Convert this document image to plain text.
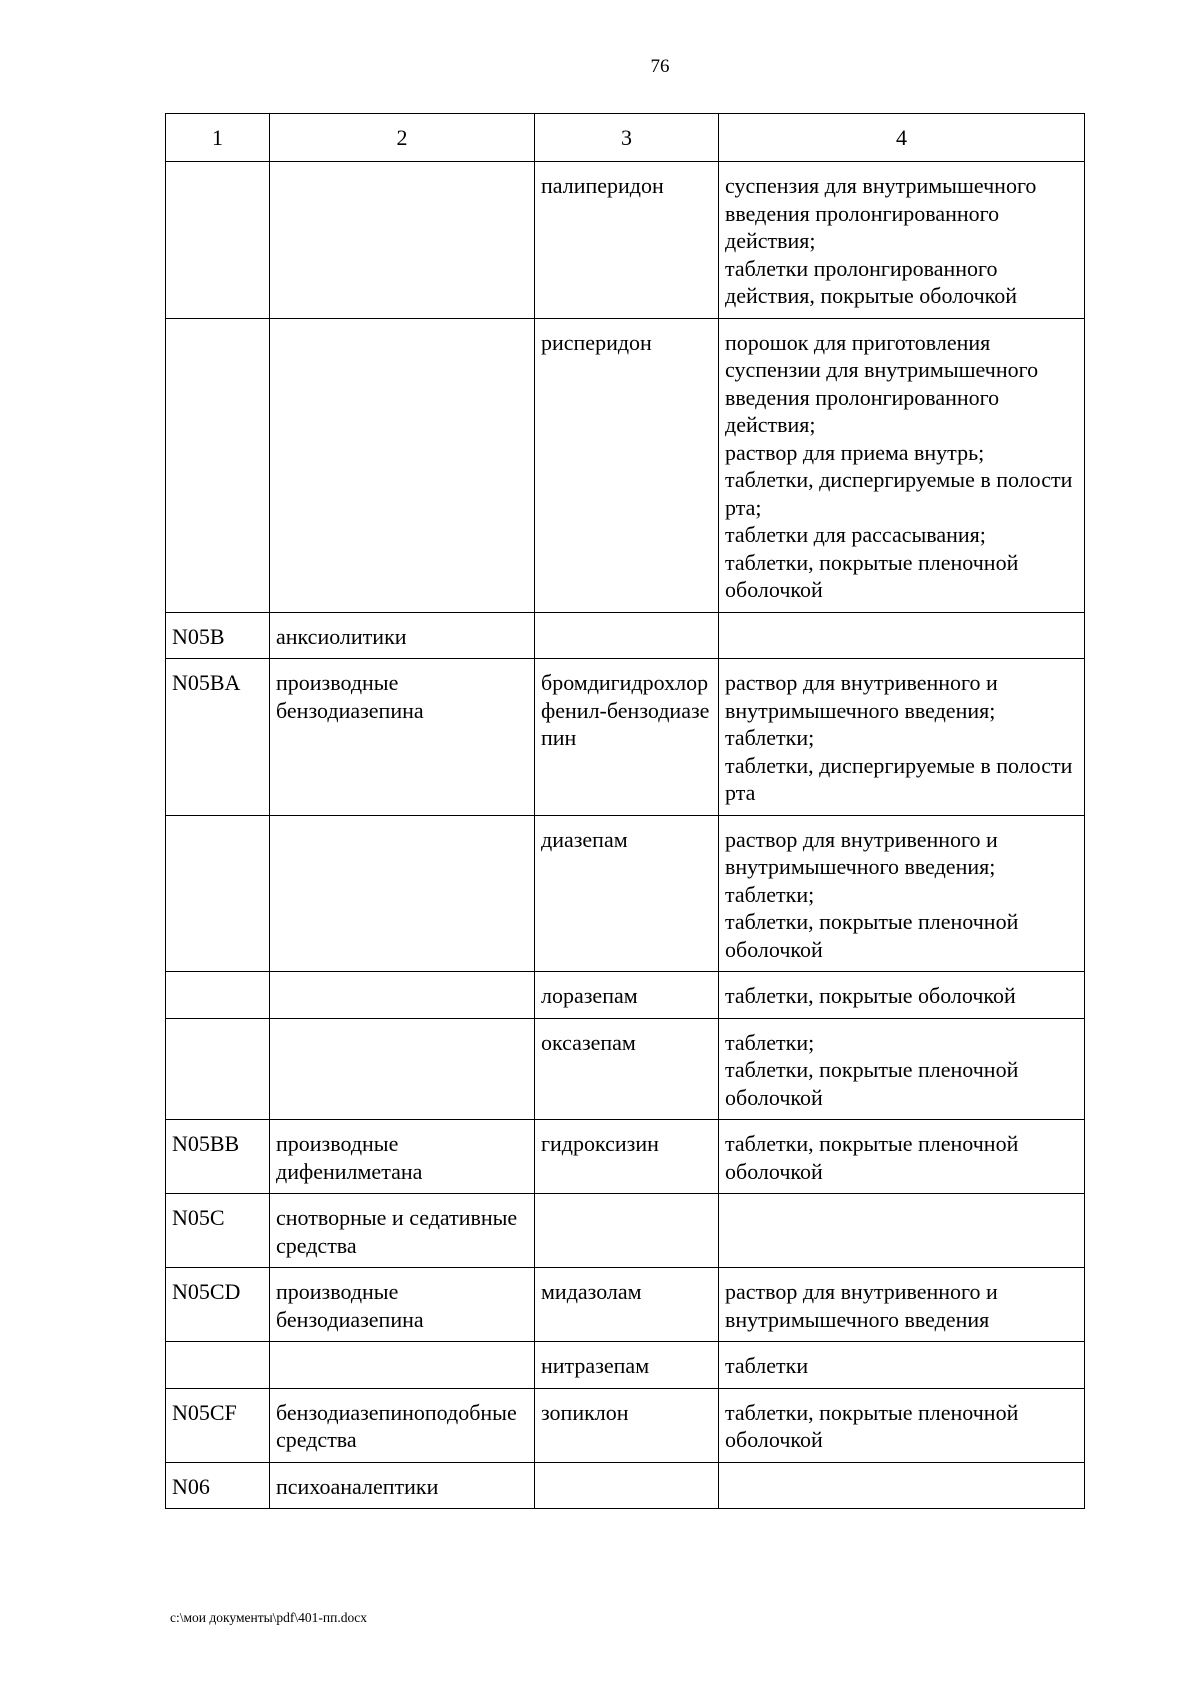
76
1	2	3	4
		палиперидон	суспензия для внутримышечного введения пролонгированного действия;
таблетки пролонгированного действия, покрытые оболочкой

		рисперидон	порошок для приготовления суспензии для внутримышечного введения пролонгированного действия;
раствор для приема внутрь;
таблетки, диспергируемые в полости рта;
таблетки для рассасывания;
таблетки, покрытые пленочной оболочкой

N05B	анксиолитики		
N05BA	производные бензодиазепина	бромдигидрохлорфенил-бензодиазепин	раствор для внутривенного и внутримышечного введения;
таблетки;
таблетки, диспергируемые в полости рта

		диазепам	раствор для внутривенного и внутримышечного введения;
таблетки;
таблетки, покрытые пленочной оболочкой

		лоразепам	таблетки, покрытые оболочкой

		оксазепам	таблетки;
таблетки, покрытые пленочной оболочкой

N05BB	производные дифенилметана	гидроксизин	таблетки, покрытые пленочной оболочкой

N05C	снотворные и седативные средства		
N05CD	производные бензодиазепина	мидазолам	раствор для внутривенного и внутримышечного введения

		нитразепам	таблетки

N05CF	бензодиазепиноподобные средства	зопиклон	таблетки, покрытые пленочной оболочкой

N06	психоаналептики		
c:\мои документы\pdf\401-пп.docx
